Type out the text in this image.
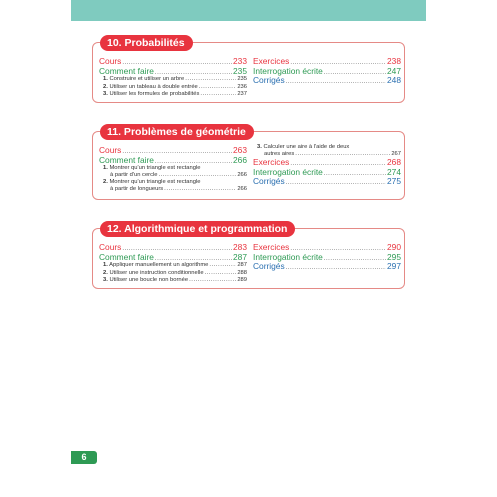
10. Probabilités
Cours .....	233
Comment faire .....	235
1. Construire et utiliser un arbre .....	235
2. Utiliser un tableau à double entrée .....	236
3. Utiliser les formules de probabilités .....	237
Exercices .....	238
Interrogation écrite .....	247
Corrigés .....	248
11. Problèmes de géométrie
Cours .....	263
Comment faire .....	266
1. Montrer qu'un triangle est rectangle
à partir d'un cercle .....	266
2. Montrer qu'un triangle est rectangle
à partir de longueurs .....	266
3. Calculer une aire à l'aide de deux
autres aires .....	267
Exercices .....	268
Interrogation écrite .....	274
Corrigés .....	275
12. Algorithmique et programmation
Cours .....	283
Comment faire .....	287
1. Appliquer manuellement un algorithme .....	287
2. Utiliser une instruction conditionnelle .....	288
3. Utiliser une boucle non bornée .....	289
Exercices .....	290
Interrogation écrite .....	295
Corrigés .....	297
6
